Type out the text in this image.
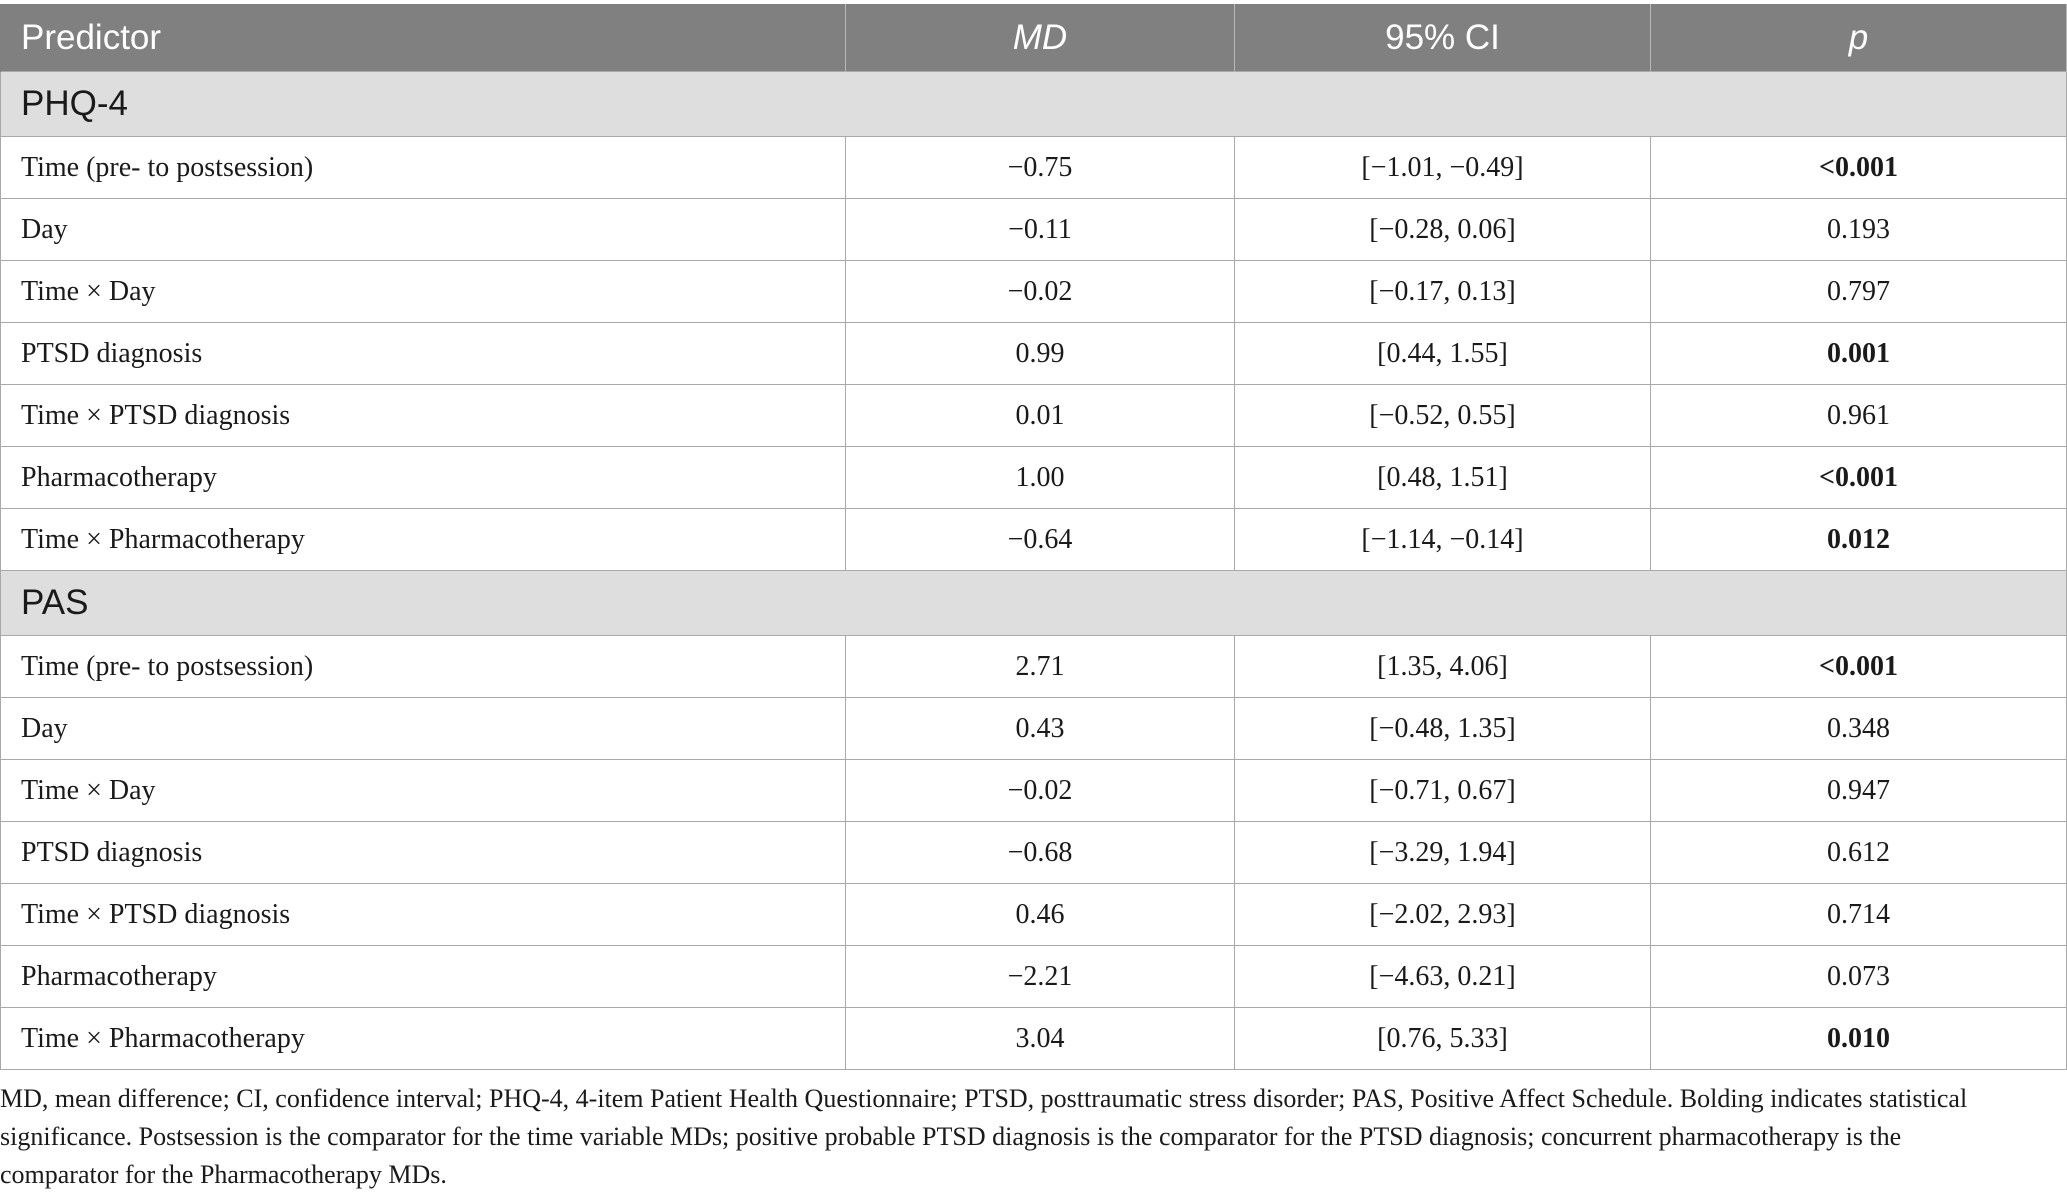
Predictor	MD	95% CI	p
PHQ-4			
Time (pre- to postsession)	−0.75	[−1.01, −0.49]	<0.001
Day	−0.11	[−0.28, 0.06]	0.193
Time × Day	−0.02	[−0.17, 0.13]	0.797
PTSD diagnosis	0.99	[0.44, 1.55]	0.001
Time × PTSD diagnosis	0.01	[−0.52, 0.55]	0.961
Pharmacotherapy	1.00	[0.48, 1.51]	<0.001
Time × Pharmacotherapy	−0.64	[−1.14, −0.14]	0.012
PAS			
Time (pre- to postsession)	2.71	[1.35, 4.06]	<0.001
Day	0.43	[−0.48, 1.35]	0.348
Time × Day	−0.02	[−0.71, 0.67]	0.947
PTSD diagnosis	−0.68	[−3.29, 1.94]	0.612
Time × PTSD diagnosis	0.46	[−2.02, 2.93]	0.714
Pharmacotherapy	−2.21	[−4.63, 0.21]	0.073
Time × Pharmacotherapy	3.04	[0.76, 5.33]	0.010

MD, mean difference; CI, confidence interval; PHQ-4, 4-item Patient Health Questionnaire; PTSD, posttraumatic stress disorder; PAS, Positive Affect Schedule. Bolding indicates statistical significance. Postsession is the comparator for the time variable MDs; positive probable PTSD diagnosis is the comparator for the PTSD diagnosis; concurrent pharmacotherapy is the comparator for the Pharmacotherapy MDs.
